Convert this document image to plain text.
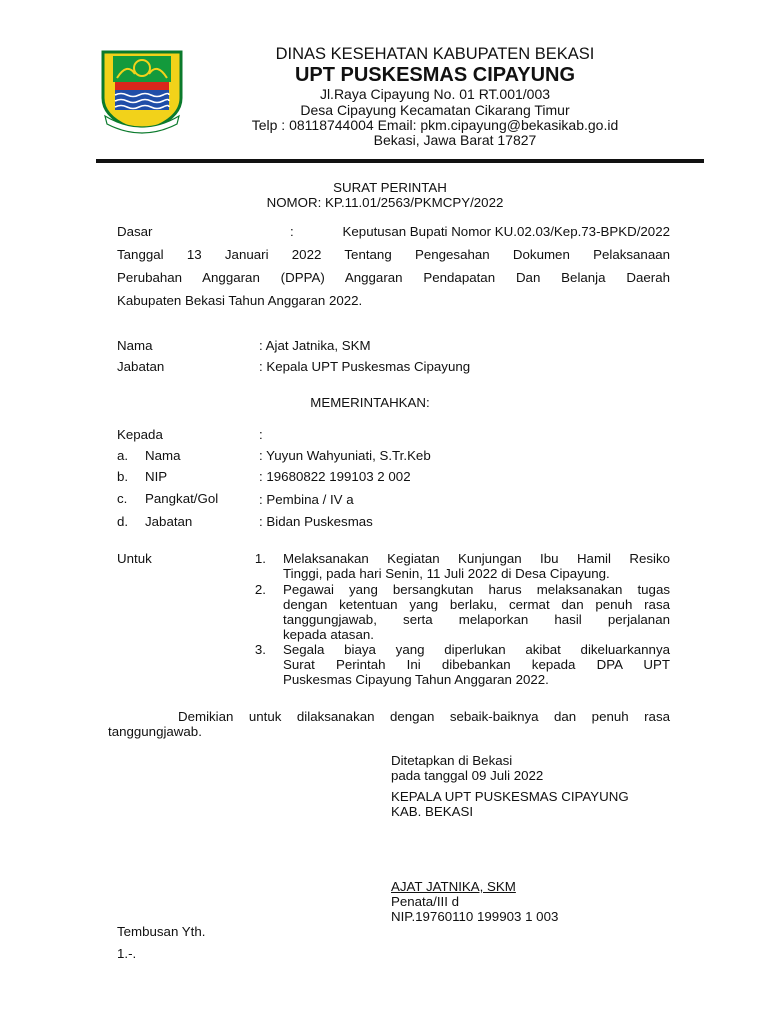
DINAS KESEHATAN KABUPATEN BEKASI
UPT PUSKESMAS CIPAYUNG
Jl.Raya Cipayung No. 01 RT.001/003
Desa Cipayung Kecamatan Cikarang Timur
Telp : 08118744004 Email: pkm.cipayung@bekasikab.go.id
Bekasi, Jawa Barat 17827
SURAT PERINTAH
NOMOR: KP.11.01/2563/PKMCPY/2022
Dasar	:	Keputusan Bupati Nomor KU.02.03/Kep.73-BPKD/2022
Tanggal 13 Januari 2022 Tentang Pengesahan Dokumen Pelaksanaan
Perubahan Anggaran (DPPA) Anggaran Pendapatan Dan Belanja Daerah
Kabupaten Bekasi Tahun Anggaran 2022.
Nama	: Ajat Jatnika, SKM
Jabatan	: Kepala UPT Puskesmas Cipayung
MEMERINTAHKAN:
Kepada	:
a. Nama	: Yuyun Wahyuniati, S.Tr.Keb
b. NIP	: 19680822 199103 2 002
c. Pangkat/Gol	: Pembina / IV a
d. Jabatan	: Bidan Puskesmas
Untuk	1. Melaksanakan Kegiatan Kunjungan Ibu Hamil Resiko
Tinggi, pada hari Senin, 11 Juli 2022 di Desa Cipayung.
2. Pegawai yang bersangkutan harus melaksanakan tugas
dengan ketentuan yang berlaku, cermat dan penuh rasa
tanggungjawab, serta melaporkan hasil perjalanan
kepada atasan.
3. Segala biaya yang diperlukan akibat dikeluarkannya
Surat Perintah Ini dibebankan kepada DPA UPT
Puskesmas Cipayung Tahun Anggaran 2022.
Demikian untuk dilaksanakan dengan sebaik-baiknya dan penuh rasa
tanggungjawab.
Ditetapkan di Bekasi
pada tanggal 09 Juli 2022
KEPALA UPT PUSKESMAS CIPAYUNG
KAB. BEKASI
AJAT JATNIKA, SKM
Penata/III d
NIP.19760110 199903 1 003
Tembusan Yth.
1.-.
